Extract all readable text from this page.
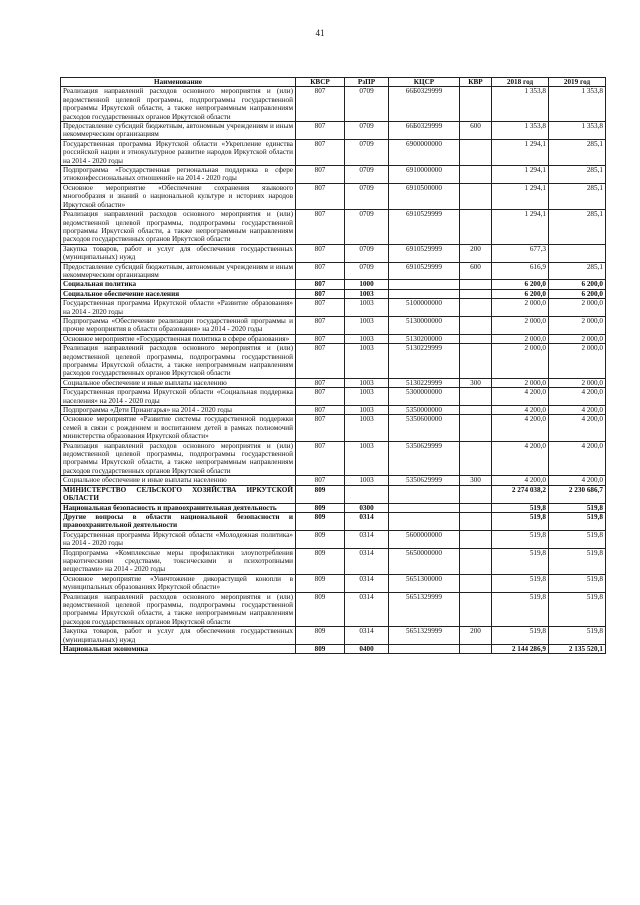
41
Наименование	КВСР	РзПР	КЦСР	КВР	2018 год	2019 год
Реализация направлений расходов основного мероприятия и (или) ведомственной целевой программы, подпрограммы государственной программы Иркутской области, а также непрограммным направлениям расходов государственных органов Иркутской области	807	0709	66Б0329999		1 353,8	1 353,8
Предоставление субсидий бюджетным, автономным учреждениям и иным некоммерческим организациям	807	0709	66Б0329999	600	1 353,8	1 353,8
Государственная программа Иркутской области «Укрепление единства российской нации и этнокультурное развитие народов Иркутской области на 2014 - 2020 годы	807	0709	6900000000		1 294,1	285,1
Подпрограмма «Государственная региональная поддержка в сфере этноконфессиональных отношений» на 2014 - 2020 годы	807	0709	6910000000		1 294,1	285,1
Основное мероприятие «Обеспечение сохранения языкового многообразия и знаний о национальной культуре и историях народов Иркутской области»	807	0709	6910500000		1 294,1	285,1
Реализация направлений расходов основного мероприятия и (или) ведомственной целевой программы, подпрограммы государственной программы Иркутской области, а также непрограммным направлениям расходов государственных органов Иркутской области	807	0709	6910529999		1 294,1	285,1
Закупка товаров, работ и услуг для обеспечения государственных (муниципальных) нужд	807	0709	6910529999	200	677,3	
Предоставление субсидий бюджетным, автономным учреждениям и иным некоммерческим организациям	807	0709	6910529999	600	616,9	285,1
Социальная политика	807	1000			6 200,0	6 200,0
Социальное обеспечение населения	807	1003			6 200,0	6 200,0
Государственная программа Иркутской области «Развитие образования» на 2014 - 2020 годы	807	1003	5100000000		2 000,0	2 000,0
Подпрограмма «Обеспечение реализации государственной программы и прочие мероприятия в области образования» на 2014 - 2020 годы	807	1003	5130000000		2 000,0	2 000,0
Основное мероприятие «Государственная политика в сфере образования»	807	1003	5130200000		2 000,0	2 000,0
Реализация направлений расходов основного мероприятия и (или) ведомственной целевой программы, подпрограммы государственной программы Иркутской области, а также непрограммным направлениям расходов государственных органов Иркутской области	807	1003	5130229999		2 000,0	2 000,0
Социальное обеспечение и иные выплаты населению	807	1003	5130229999	300	2 000,0	2 000,0
Государственная программа Иркутской области «Социальная поддержка населения» на 2014 - 2020 годы	807	1003	5300000000		4 200,0	4 200,0
Подпрограмма «Дети Приангарья» на 2014 - 2020 годы	807	1003	5350000000		4 200,0	4 200,0
Основное мероприятие «Развитие системы государственной поддержки семей в связи с рождением и воспитанием детей в рамках полномочий министерства образования Иркутской области»	807	1003	5350600000		4 200,0	4 200,0
Реализация направлений расходов основного мероприятия и (или) ведомственной целевой программы, подпрограммы государственной программы Иркутской области, а также непрограммным направлениям расходов государственных органов Иркутской области	807	1003	5350629999		4 200,0	4 200,0
Социальное обеспечение и иные выплаты населению	807	1003	5350629999	300	4 200,0	4 200,0
МИНИСТЕРСТВО СЕЛЬСКОГО ХОЗЯЙСТВА ИРКУТСКОЙ ОБЛАСТИ	809				2 274 038,2	2 230 686,7
Национальная безопасность и правоохранительная деятельность	809	0300			519,8	519,8
Другие вопросы в области национальной безопасности и правоохранительной деятельности	809	0314			519,8	519,8
Государственная программа Иркутской области «Молодежная политика» на 2014 - 2020 годы	809	0314	5600000000		519,8	519,8
Подпрограмма «Комплексные меры профилактики злоупотребления наркотическими средствами, токсическими и психотропными веществами» на 2014 - 2020 годы	809	0314	5650000000		519,8	519,8
Основное мероприятие «Уничтожение дикорастущей конопли в муниципальных образованиях Иркутской области»	809	0314	5651300000		519,8	519,8
Реализация направлений расходов основного мероприятия и (или) ведомственной целевой программы, подпрограммы государственной программы Иркутской области, а также непрограммным направлениям расходов государственных органов Иркутской области	809	0314	5651329999		519,8	519,8
Закупка товаров, работ и услуг для обеспечения государственных (муниципальных) нужд	809	0314	5651329999	200	519,8	519,8
Национальная экономика	809	0400			2 144 286,9	2 135 520,1
